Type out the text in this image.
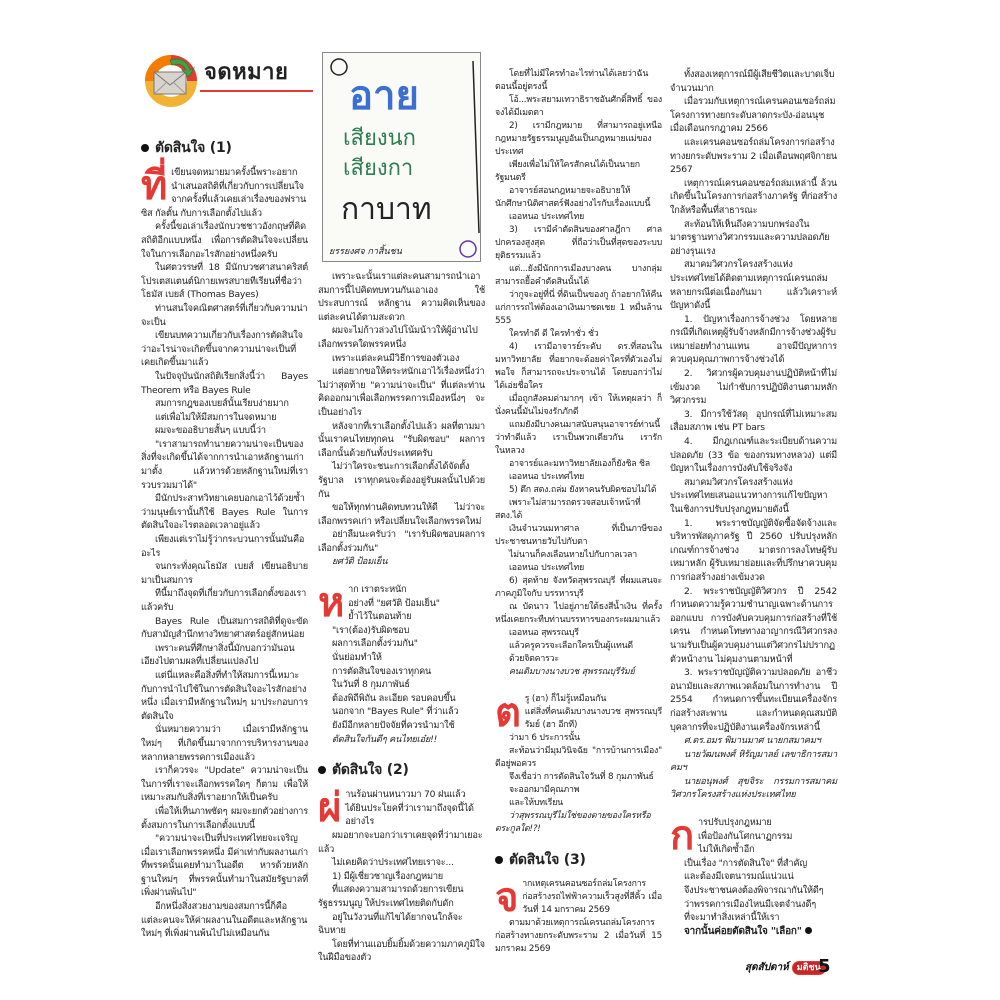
จดหมาย
ตัดสินใจ (1)
ที่ เขียนจดหมายมาครั้งนี้พราะอยากนำเสนอสถิติที่เกี่ยวกับการเปลี่ยนใจ จากครั้งที่แล้วเคยเล่าเรื่องของฟรานซิส กัลตั้น กับการเลือกตั้งไปแล้ว

ครั้งนี้ขอเล่าเรื่องนักบวชชาวอังกฤษที่คิดสถิติอีกแบบหนึ่ง เพื่อการตัดสินใจจะเปลี่ยนใจในการเลือกอะไรสักอย่างหนึ่งครับ

ในศตวรรษที่ 18 มีนักบวชศาสนาคริสต์โปรเตสแตนต์นิกายเพรสบายทีเรียนที่ชื่อว่าโธมัส เบยส์ (Thomas Bayes)

ท่านสนใจคณิตศาสตร์ที่เกี่ยวกับความน่าจะเป็น

เขียนบทความเกี่ยวกับเรื่องการตัดสินใจว่าอะไรน่าจะเกิดขึ้นจากความน่าจะเป็นที่เคยเกิดขึ้นมาแล้ว

ในปัจจุบันนักสถิติเรียกสิ่งนี้ว่า Bayes Theorem หรือ Bayes Rule

สมการกฎของเบยส์นั้นเรียบง่ายมาก

แต่เพื่อไม่ให้มีสมการในจดหมาย

ผมจะขออธิบายสั้นๆ แบบนี้ว่า

"เราสามารถทำนายความน่าจะเป็นของสิ่งที่จะเกิดขึ้นได้จากการนำเอาหลักฐานเก่ามาตั้ง แล้วหารด้วยหลักฐานใหม่ที่เรารวบรวมมาได้"

มีนักประสาทวิทยาเคยบอกเอาไว้ด้วยซ้ำว่ามนุษย์เรานั้นก็ใช้ Bayes Rule ในการตัดสินใจอะไรตลอดเวลาอยู่แล้ว

เพียงแต่เราไม่รู้ว่ากระบวนการนั้นมันคืออะไร

จนกระทั่งคุณโธมัส เบยส์ เขียนอธิบายมาเป็นสมการ

ทีนี้มาถึงจุดที่เกี่ยวกับการเลือกตั้งของเราแล้วครับ

Bayes Rule เป็นสมการสถิติที่ดูจะขัดกับสามัญสำนึกทางวิทยาศาสตร์อยู่สักหน่อย

เพราะคนที่ศึกษาสิ่งนี้มักบอกว่ามันอนเอียงไปตามผลที่เปลี่ยนแปลงไป

แต่นี่แหละคือสิ่งที่ทำให้สมการนี้เหมาะกับการนำไปใช้ในการตัดสินใจอะไรสักอย่างหนึ่ง เมื่อเรามีหลักฐานใหม่ๆ มาประกอบการตัดสินใจ

นั่นหมายความว่า เมื่อเรามีหลักฐานใหม่ๆ ที่เกิดขึ้นมาจากการบริหารงานของหลากหลายพรรคการเมืองแล้ว

เราก็ควรจะ "Update" ความน่าจะเป็นในการที่เราจะเลือกพรรคใดๆ ก็ตาม เพื่อให้เหมาะสมกับสิ่งที่เราอยากให้เป็นครับ

เพื่อให้เห็นภาพชัดๆ ผมจะยกตัวอย่างการตั้งสมการในการเลือกตั้งแบบนี้

"ความน่าจะเป็นที่ประเทศไทยจะเจริญเมื่อเราเลือกพรรคหนึ่ง มีค่าเท่ากับผลงานเก่าที่พรรคนั้นเคยทำมาในอดีต หารด้วยหลักฐานใหม่ๆ ที่พรรคนั้นทำมาในสมัยรัฐบาลที่เพิ่งผ่านพ้นไป"

อีกหนึ่งสิ่งสวยงามของสมการนี้ก็คือ แต่ละคนจะให้ค่าผลงานในอดีตและหลักฐานใหม่ๆ ที่เพิ่งผ่านพ้นไปไม่เหมือนกัน

อาย
เสียงนก
เสียงกา
กาบาท
ยรรยงศจ กาสิ้นชน

เพราะฉะนั้นเราแต่ละคนสามารถนำเอาสมการนี้ไปคิดทบทวนกันเอาเอง ใช้ประสบการณ์ หลักฐาน ความคิดเห็นของแต่ละคนได้ตามสะดวก

ผมจะไม่ก้าวล่วงไปโน้มน้าวให้ผู้อ่านไปเลือกพรรคใดพรรคหนึ่ง

เพราะแต่ละคนมีวิธีการของตัวเอง

แต่อยากขอให้ตระหนักเอาไว้เรื่องหนึ่งว่า ไม่ว่าสุดท้าย "ความน่าจะเป็น" ที่แต่ละท่านคิดออกมาเพื่อเลือกพรรคการเมืองหนึ่งๆ จะเป็นอย่างไร

หลังจากที่เราเลือกตั้งไปแล้ว ผลที่ตามมานั้นเราคนไทยทุกคน "รับผิดชอบ" ผลการเลือกนั้นด้วยกันทั้งประเทศครับ

ไม่ว่าใครจะชนะการเลือกตั้งได้จัดตั้งรัฐบาล เราทุกคนจะต้องอยู่รับผลนั้นไปด้วยกัน

ขอให้ทุกท่านคิดทบทวนให้ดี ไม่ว่าจะเลือกพรรคเก่า หรือเปลี่ยนใจเลือกพรรคใหม่

อย่าลืมนะครับว่า "เรารับผิดชอบผลการเลือกตั้งร่วมกัน"

ยศวัติ ป้อมเย็น

ห าก เราตระหนัก

อย่างที่ "ยศวัติ ป้อมเย็น"

ย้ำไว้ในตอนท้าย

"เรา(ต้อง)รับผิดชอบ

ผลการเลือกตั้งร่วมกัน"

นั่นย่อมทำให้

การตัดสินใจของเราทุกคน

ในวันที่ 8 กุมภาพันธ์

ต้องพิถีพิถัน ละเอียด รอบคอบขึ้น

นอกจาก "Bayes Rule" ที่ว่าแล้ว

ยังมีอีกหลายปัจจัยที่ควรนำมาใช้

ตัดสินใจกันดีๆ คนไทยเอ๋ย!!

ตัดสินใจ (2)
ผ่ านร้อนผ่านหนาวมา 70 ฝนแล้ว

ได้ยินประโยคที่ว่าเรามาถึงจุดนี้ได้อย่างไร

ผมอยากจะบอกว่าเราเคยจุดที่ว่ามาเยอะแล้ว

ไม่เคยคิดว่าประเทศไทยเราจะ...

1) มีผู้เชี่ยวชาญเรื่องกฎหมาย

ที่แสดงความสามารถด้วยการเขียนรัฐธรรมนูญ ให้ประเทศไทยติดกับดัก

อยู่ในวังวนที่แก้ไขได้ยากจนใกล้จะฉิบหาย

โดยที่ท่านแอบยิ้มยิ้มด้วยความภาคภูมิใจในฝีมือของตัว

โดยที่ไม่มีใครทำอะไรท่านได้เลยว่าฉันตอนนี้อยู่ตรงนี้

โอ้...พระสยามเทวาธิราชอันศักดิ์สิทธิ์ ของจงได้มีเมตตา

2) เรามีกฎหมาย ที่สามารถอยู่เหนือกฎหมายรัฐธรรมนูญอันเป็นกฎหมายแม่ของประเทศ

เพียงเพื่อไม่ให้ใครสักคนได้เป็นนายกรัฐมนตรี

อาจารย์สอนกฎหมายจะอธิบายให้นักศึกษานิติศาสตร์ฟังอย่างไรกับเรื่องแบบนี้

เออหนอ ประเทศไทย

3) เรามีคำตัดสินของศาลฎีกา ศาลปกครองสูงสุด ที่ถือว่าเป็นที่สุดของระบบยุติธรรมแล้ว

แต่...ยังมีนักการเมืองบางคน บางกลุ่ม สามารถยื้อคำตัดสินนั้นได้

ว่ากูจะอยู่ที่นี่ ที่ดินเป็นของกู ถ้าอยากให้คืนแก่การรถไฟต้องเอาเงินมาชดเชย 1 หมื่นล้าน 555

ใครทำดี ดี ใครทำชั่ว ชั่ว

4) เรามีอาจารย์ระดับ ดร.ที่สอนในมหาวิทยาลัย ที่อยากจะด้อยค่าใครที่ตัวเองไม่พอใจ ก็สามารถจะประจานได้ โดยบอกว่าไม่ได้เอ่ยชื่อใคร

เมื่อถูกสังคมด่ามากๆ เข้า ให้เหตุผลว่า ก็นั่งคนนี้มันไม่จงรักภักดี

แถมยังมีบางคนมาสนับสนุนอาจารย์ท่านนี้ว่าทำดีแล้ว เราเป็นพวกเดียวกัน เรารักในหลวง

อาจารย์และมหาวิทยาลัยเองก็ยังชิล ชิล

เออหนอ ประเทศไทย

5) ตึก สตง.ถล่ม ยังหาคนรับผิดชอบไม่ได้

เพราะไม่สามารถตรวจสอบเจ้าหน้าที่ สตง.ได้

เงินจำนวนมหาศาล ที่เป็นภาษีของประชาชนหายวับไปกับตา

ไม่นานก็คงเลือนหายไปกับกาลเวลา

เออหนอ ประเทศไทย

6) สุดท้าย จังหวัดสุพรรณบุรี ที่ผมแสนจะภาคภูมิใจกับ บรรหารบุรี

ณ บัดนาว ไปอยู่ภายใต้ธงสีน้ำเงิน ที่ครั้งหนึ่งเคยกระทืบท่านบรรหารของกระผมมาแล้ว

เออหนอ สุพรรณบุรี

แล้วครูควรจะเลือกใครเป็นผู้แทนดี

ด้วยจิตคารวะ

คนเดิมบางนางบวช สุพรรณบุรีรัมย์

ต รู (ฮา) ก็ไม่รู้เหมือนกัน

แต่สิ่งที่คนเดิมบางนางบวช สุพรรณบุรีรัมย์ (ฮา อีกที)

ว่ามา 6 ประการนั้น

สะท้อนว่ามีมุมวินิจฉัย "การบ้านการเมือง" ดีอยู่พอควร

จึงเชื่อว่า การตัดสินใจวันที่ 8 กุมภาพันธ์

จะออกมามีคุณภาพ

และให้บทเรียน

ว่าสุพรรณบุรีไม่ใช่ของตายของใครหรือตระกูลใด!?!

ตัดสินใจ (3)
จ ากเหตุเครนคอนซอร์ถล่มโครงการก่อสร้างรถไฟฟ้าความเร็วสูงที่สีคิ้ว เมื่อวันที่ 14 มกราคม 2569

ตามมาด้วยเหตุการณ์เครนถล่มโครงการก่อสร้างทางยกระดับพระราม 2 เมื่อวันที่ 15 มกราคม 2569

ทั้งสองเหตุการณ์มีผู้เสียชีวิตและบาดเจ็บจำนวนมาก

เมื่อรวมกับเหตุการณ์เครนคอนเซอร์ถล่มโครงการทางยกระดับลาดกระบัง-อ่อนนุช เมื่อเดือนกรกฎาคม 2566

และเครนคอนซอร์ถล่มโครงการก่อสร้างทางยกระดับพระราม 2 เมื่อเดือนพฤศจิกายน 2567

เหตุการณ์เครนคอนซอร์ถล่มเหล่านี้ ล้วนเกิดขึ้นในโครงการก่อสร้างภาครัฐ ที่ก่อสร้างใกล้หรือพื้นที่สาธารณะ

สะท้อนให้เห็นถึงความบกพร่องในมาตรฐานทางวิศวกรรมและความปลอดภัยอย่างรุนแรง

สมาคมวิศวกรโครงสร้างแห่งประเทศไทยได้ติดตามเหตุการณ์เครนถล่มหลายกรณีต่อเนื่องกันมา แล้ววิเคราะห์ปัญหาดังนี้

1. ปัญหาเรื่องการจ้างช่วง โดยหลายกรณีที่เกิดเหตุผู้รับจ้างหลักมีการจ้างช่วงผู้รับเหมาย่อยทำงานแทน อาจมีปัญหาการควบคุมคุณภาพการจ้างช่วงได้

2. วิศวกรผู้ควบคุมงานปฏิบัติหน้าที่ไม่เข้มงวด ไม่กำชับการปฏิบัติงานตามหลักวิศวกรรม

3. มีการใช้วัสดุ อุปกรณ์ที่ไม่เหมาะสม เสื่อมสภาพ เช่น PT bars

4. มีกฎเกณฑ์และระเบียบด้านความปลอดภัย (33 ข้อ ของกรมทางหลวง) แต่มีปัญหาในเรื่องการบังคับใช้จริงจัง

สมาคมวิศวกรโครงสร้างแห่งประเทศไทยเสนอแนวทางการแก้ไขปัญหาในเชิงการปรับปรุงกฎหมายดังนี้

1. พระราชบัญญัติจัดซื้อจัดจ้างและบริหารพัสดุภาครัฐ ปี 2560 ปรับปรุงหลักเกณฑ์การจ้างช่วง มาตรการลงโทษผู้รับเหมาหลัก ผู้รับเหมาย่อยและที่ปรึกษาควบคุมการก่อสร้างอย่างเข้มงวด

2. พระราชบัญญัติวิศวกร ปี 2542 กำหนดความรู้ความชำนาญเฉพาะด้านการออกแบบ การบังคับควบคุมการก่อสร้างที่ใช้เครน กำหนดโทษทางอาญากรณีวิศวกรลงนามรับเป็นผู้ควบคุมงานแต่วิศวกรไม่ปรากฏตัวหน้างาน ไม่คุมงานตามหน้าที่

3. พระราชบัญญัติความปลอดภัย อาชีวอนามัยและสภาพแวดล้อมในการทำงาน ปี 2554 กำหนดการขึ้นทะเบียนเครื่องจักรก่อสร้างสะพาน และกำหนดคุณสมบัติบุคลากรที่จะปฏิบัติงานเครื่องจักรเหล่านี้

ศ.ดร.อมร พิมานมาศ นายกสมาคมฯ

นายวัฒนพงศ์ หิรัญมาลย์ เลขาธิการสมาคมฯ

นายอนุพงศ์ สุขจิระ กรรมการสมาคมวิศวกรโครงสร้างแห่งประเทศไทย

ก ารปรับปรุงกฎหมาย

เพื่อป้องกันโศกนาฏกรรม

ไม่ให้เกิดซ้ำอีก

เป็นเรื่อง "การตัดสินใจ" ที่สำคัญ

และต้องมีเจตนารมณ์แน่วแน่

จึงประชาชนคงต้องพิจารณากันให้ดีๆ

ว่าพรรคการเมืองไหนมีเจตจำนงดีๆ

ที่จะมาทำสิ่งเหล่านี้ให้เรา

จากนั้นค่อยตัดสินใจ "เลือก"

สุดสัปดาห์ มติชน
5
